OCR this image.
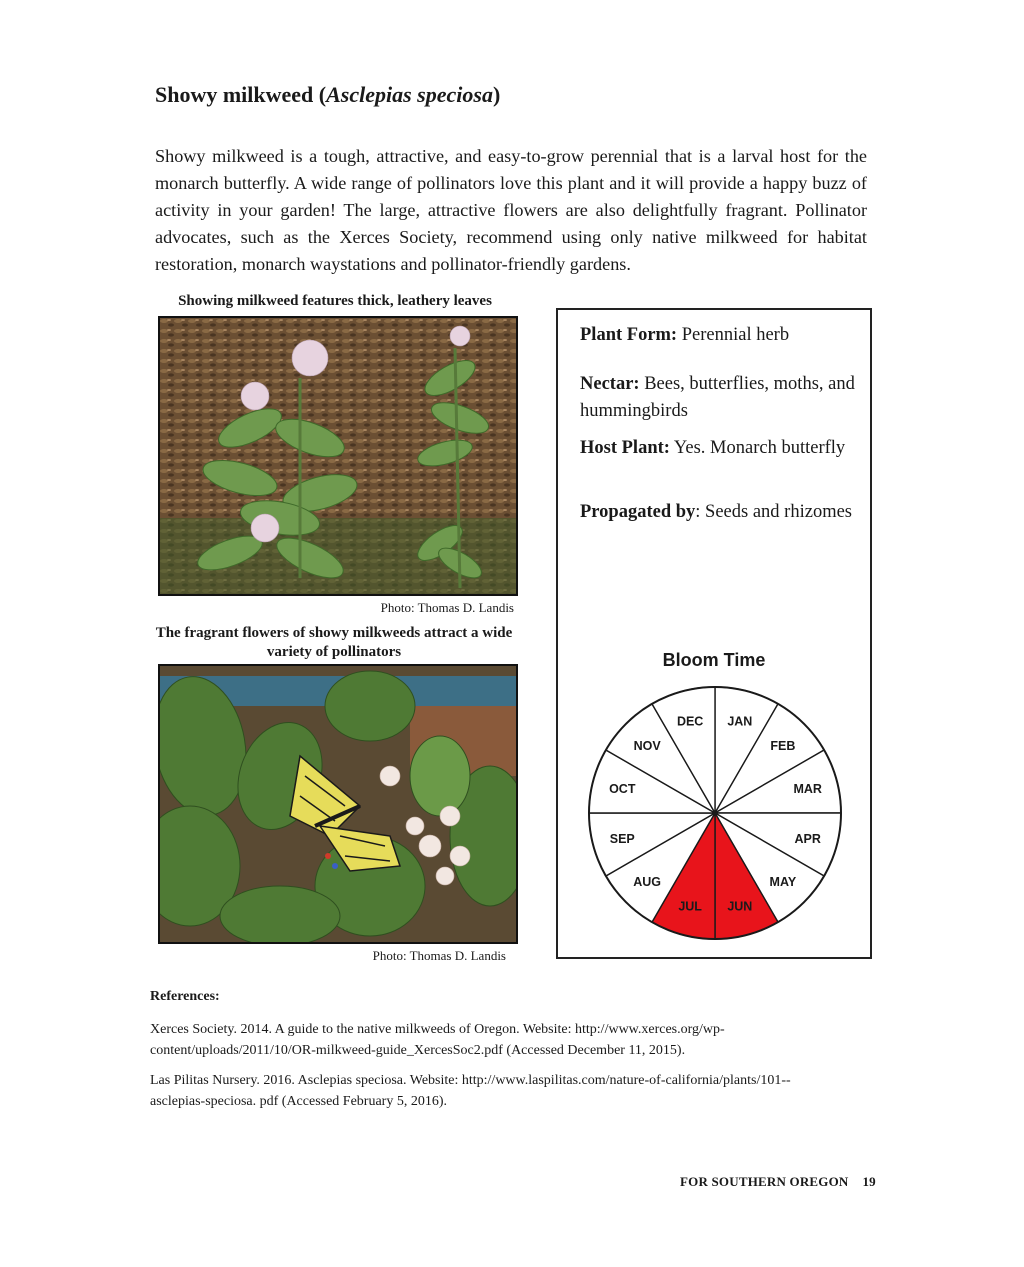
Showy milkweed (Asclepias speciosa)
Showy milkweed is a tough, attractive, and easy-to-grow perennial that is a larval host for the monarch butterfly. A wide range of pollinators love this plant and it will provide a happy buzz of activity in your garden! The large, attractive flowers are also delightfully fragrant. Pollinator advocates, such as the Xerces Society, recommend using only native milkweed for habitat restoration, monarch waystations and pollinator-friendly gardens.
Showing milkweed features thick, leathery leaves
Photo: Thomas D. Landis
The fragrant flowers of showy milkweeds attract a wide variety of pollinators
Photo: Thomas D. Landis
Plant Form: Perennial herb
Nectar: Bees, butterflies, moths, and hummingbirds
Host Plant: Yes. Monarch butterfly
Propagated by: Seeds and rhizomes
Bloom Time
JAN
FEB
MAR
APR
MAY
JUN
JUL
AUG
SEP
OCT
NOV
DEC
References:
Xerces Society. 2014. A guide to the native milkweeds of Oregon. Website: http://www.xerces.org/wp-content/uploads/2011/10/OR-milkweed-guide_XercesSoc2.pdf (Accessed December 11, 2015).
Las Pilitas Nursery. 2016. Asclepias speciosa. Website: http://www.laspilitas.com/nature-of-california/plants/101--asclepias-speciosa. pdf (Accessed February 5, 2016).
FOR SOUTHERN OREGON 19
